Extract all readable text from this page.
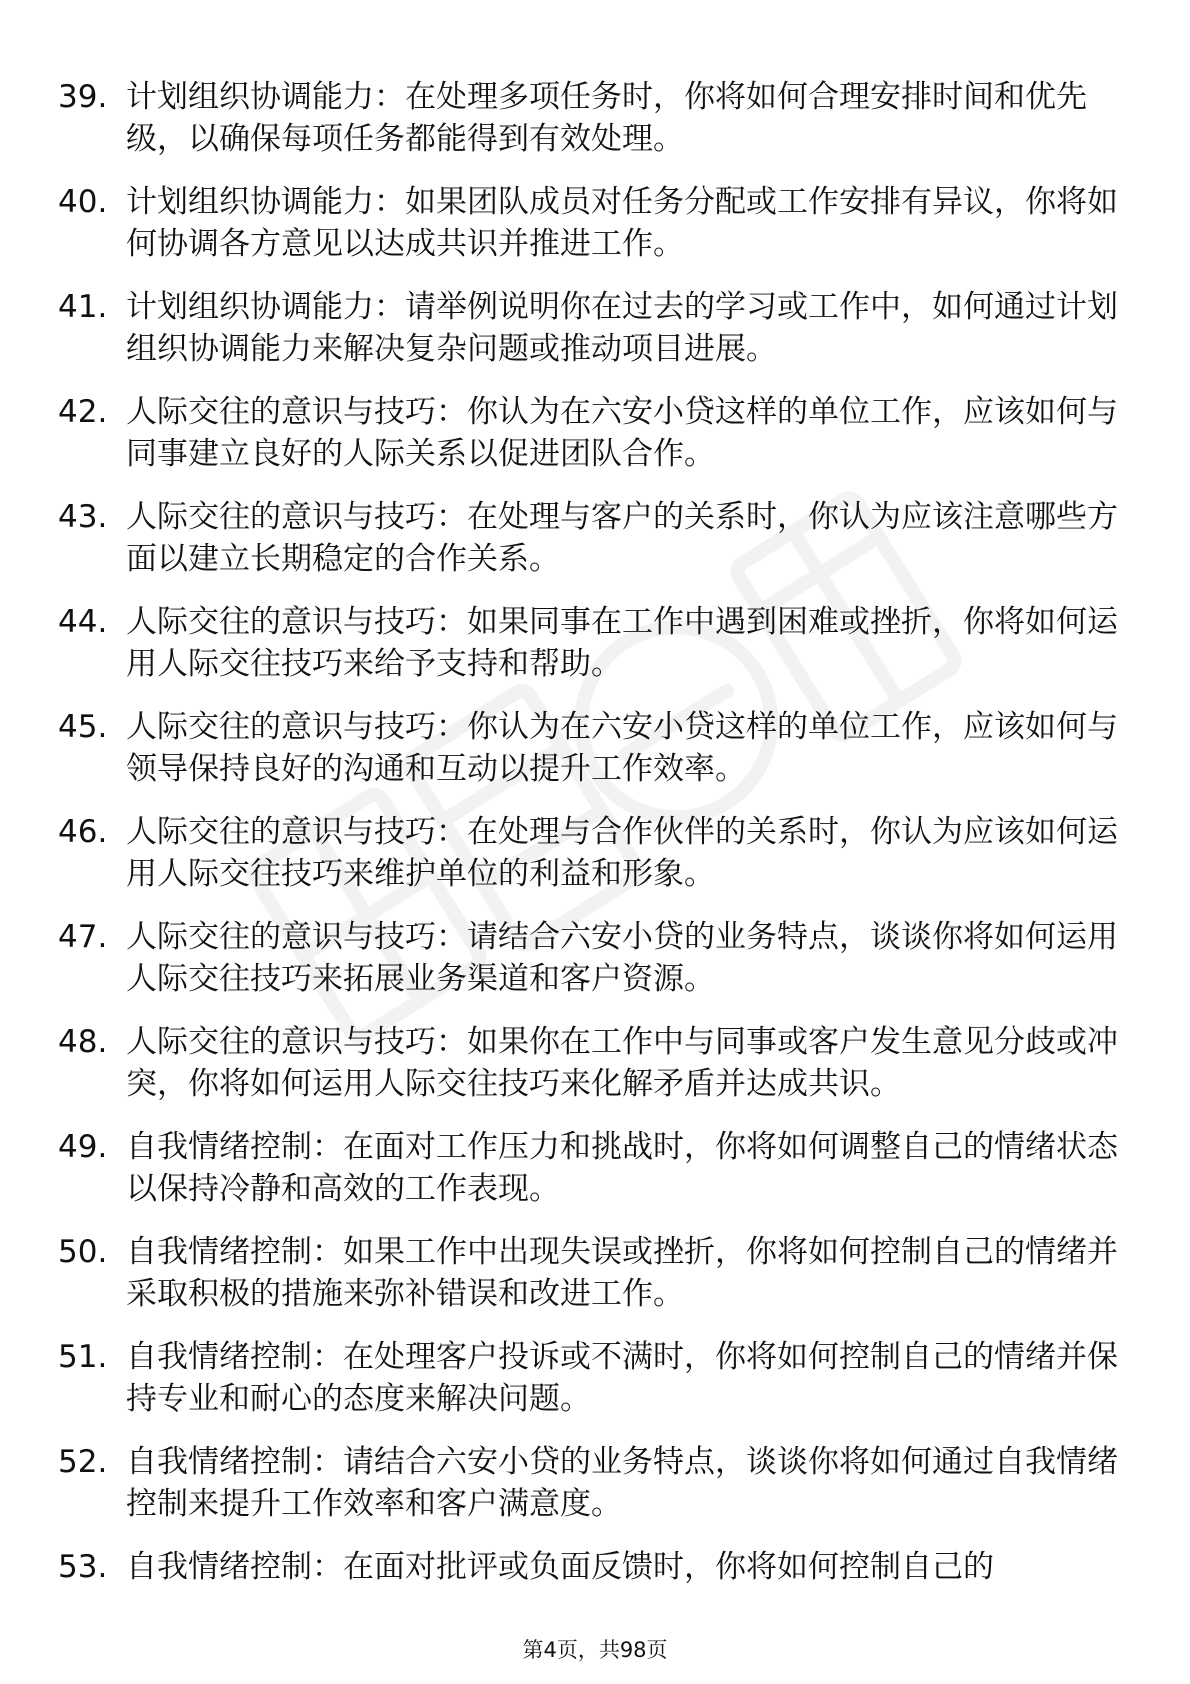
39. 计划组织协调能力：在处理多项任务时，你将如何合理安排时间和优先级，以确保每项任务都能得到有效处理。
40. 计划组织协调能力：如果团队成员对任务分配或工作安排有异议，你将如何协调各方意见以达成共识并推进工作。
41. 计划组织协调能力：请举例说明你在过去的学习或工作中，如何通过计划组织协调能力来解决复杂问题或推动项目进展。
42. 人际交往的意识与技巧：你认为在六安小贷这样的单位工作，应该如何与同事建立良好的人际关系以促进团队合作。
43. 人际交往的意识与技巧：在处理与客户的关系时，你认为应该注意哪些方面以建立长期稳定的合作关系。
44. 人际交往的意识与技巧：如果同事在工作中遇到困难或挫折，你将如何运用人际交往技巧来给予支持和帮助。
45. 人际交往的意识与技巧：你认为在六安小贷这样的单位工作，应该如何与领导保持良好的沟通和互动以提升工作效率。
46. 人际交往的意识与技巧：在处理与合作伙伴的关系时，你认为应该如何运用人际交往技巧来维护单位的利益和形象。
47. 人际交往的意识与技巧：请结合六安小贷的业务特点，谈谈你将如何运用人际交往技巧来拓展业务渠道和客户资源。
48. 人际交往的意识与技巧：如果你在工作中与同事或客户发生意见分歧或冲突，你将如何运用人际交往技巧来化解矛盾并达成共识。
49. 自我情绪控制：在面对工作压力和挑战时，你将如何调整自己的情绪状态以保持冷静和高效的工作表现。
50. 自我情绪控制：如果工作中出现失误或挫折，你将如何控制自己的情绪并采取积极的措施来弥补错误和改进工作。
51. 自我情绪控制：在处理客户投诉或不满时，你将如何控制自己的情绪并保持专业和耐心的态度来解决问题。
52. 自我情绪控制：请结合六安小贷的业务特点，谈谈你将如何通过自我情绪控制来提升工作效率和客户满意度。
53. 自我情绪控制：在面对批评或负面反馈时，你将如何控制自己的
第4页，共98页
